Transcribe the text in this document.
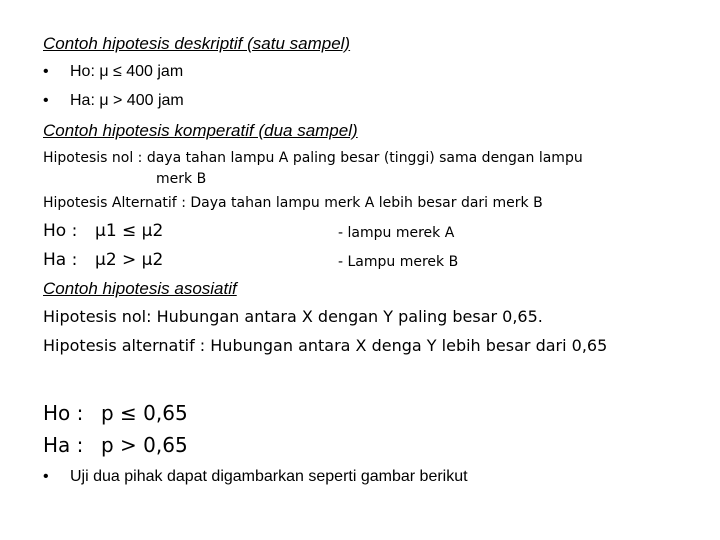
Contoh hipotesis deskriptif (satu sampel)
• Ho: μ ≤ 400 jam
• Ha: μ > 400 jam
Contoh hipotesis komperatif (dua sampel)
Hipotesis nol : daya tahan lampu A paling besar (tinggi) sama dengan lampu
merk B
Hipotesis Alternatif : Daya tahan lampu merk A lebih besar dari merk B
Ho : μ1 ≤ μ2	- lampu merek A
Ha : μ2 > μ2	- Lampu merek B
Contoh hipotesis asosiatif
Hipotesis nol: Hubungan antara X dengan Y paling besar 0,65.
Hipotesis alternatif : Hubungan antara X denga Y lebih besar dari 0,65
Ho : p ≤ 0,65
Ha : p > 0,65
• Uji dua pihak dapat digambarkan seperti gambar berikut
